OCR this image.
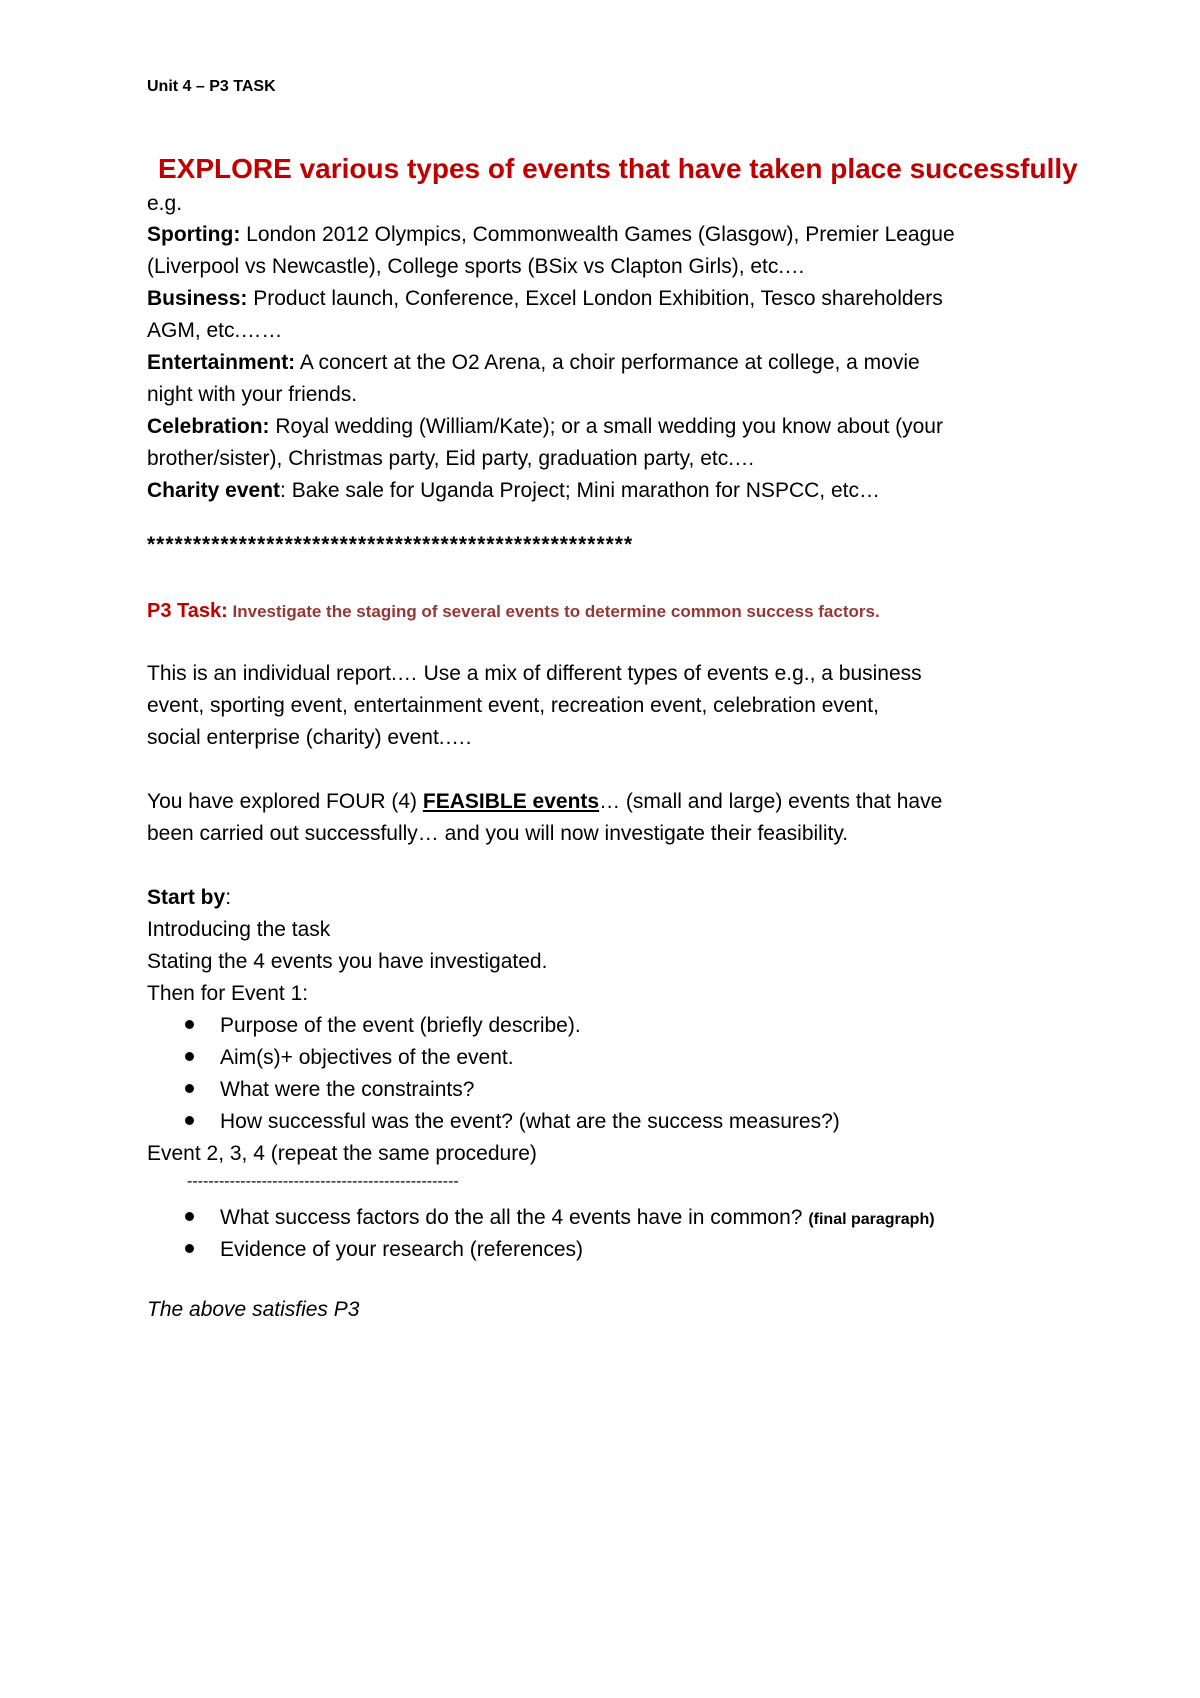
Unit 4 – P3 TASK
EXPLORE various types of events that have taken place successfully
e.g.
Sporting: London 2012 Olympics, Commonwealth Games (Glasgow), Premier League
(Liverpool vs Newcastle), College sports (BSix vs Clapton Girls), etc.…
Business: Product launch, Conference, Excel London Exhibition, Tesco shareholders
AGM, etc.……
Entertainment: A concert at the O2 Arena, a choir performance at college, a movie
night with your friends.
Celebration: Royal wedding (William/Kate); or a small wedding you know about (your
brother/sister), Christmas party, Eid party, graduation party, etc.…
Charity event: Bake sale for Uganda Project; Mini marathon for NSPCC, etc…
*****************************************************
P3 Task: Investigate the staging of several events to determine common success factors.
This is an individual report.… Use a mix of different types of events e.g., a business
event, sporting event, entertainment event, recreation event, celebration event,
social enterprise (charity) event.….
You have explored FOUR (4) FEASIBLE events… (small and large) events that have
been carried out successfully… and you will now investigate their feasibility.
Start by:
Introducing the task
Stating the 4 events you have investigated.
Then for Event 1:
Purpose of the event (briefly describe).
Aim(s)+ objectives of the event.
What were the constraints?
How successful was the event? (what are the success measures?)
Event 2, 3, 4 (repeat the same procedure)
---------------------------------------------------
What success factors do the all the 4 events have in common? (final paragraph)
Evidence of your research (references)
The above satisfies P3
